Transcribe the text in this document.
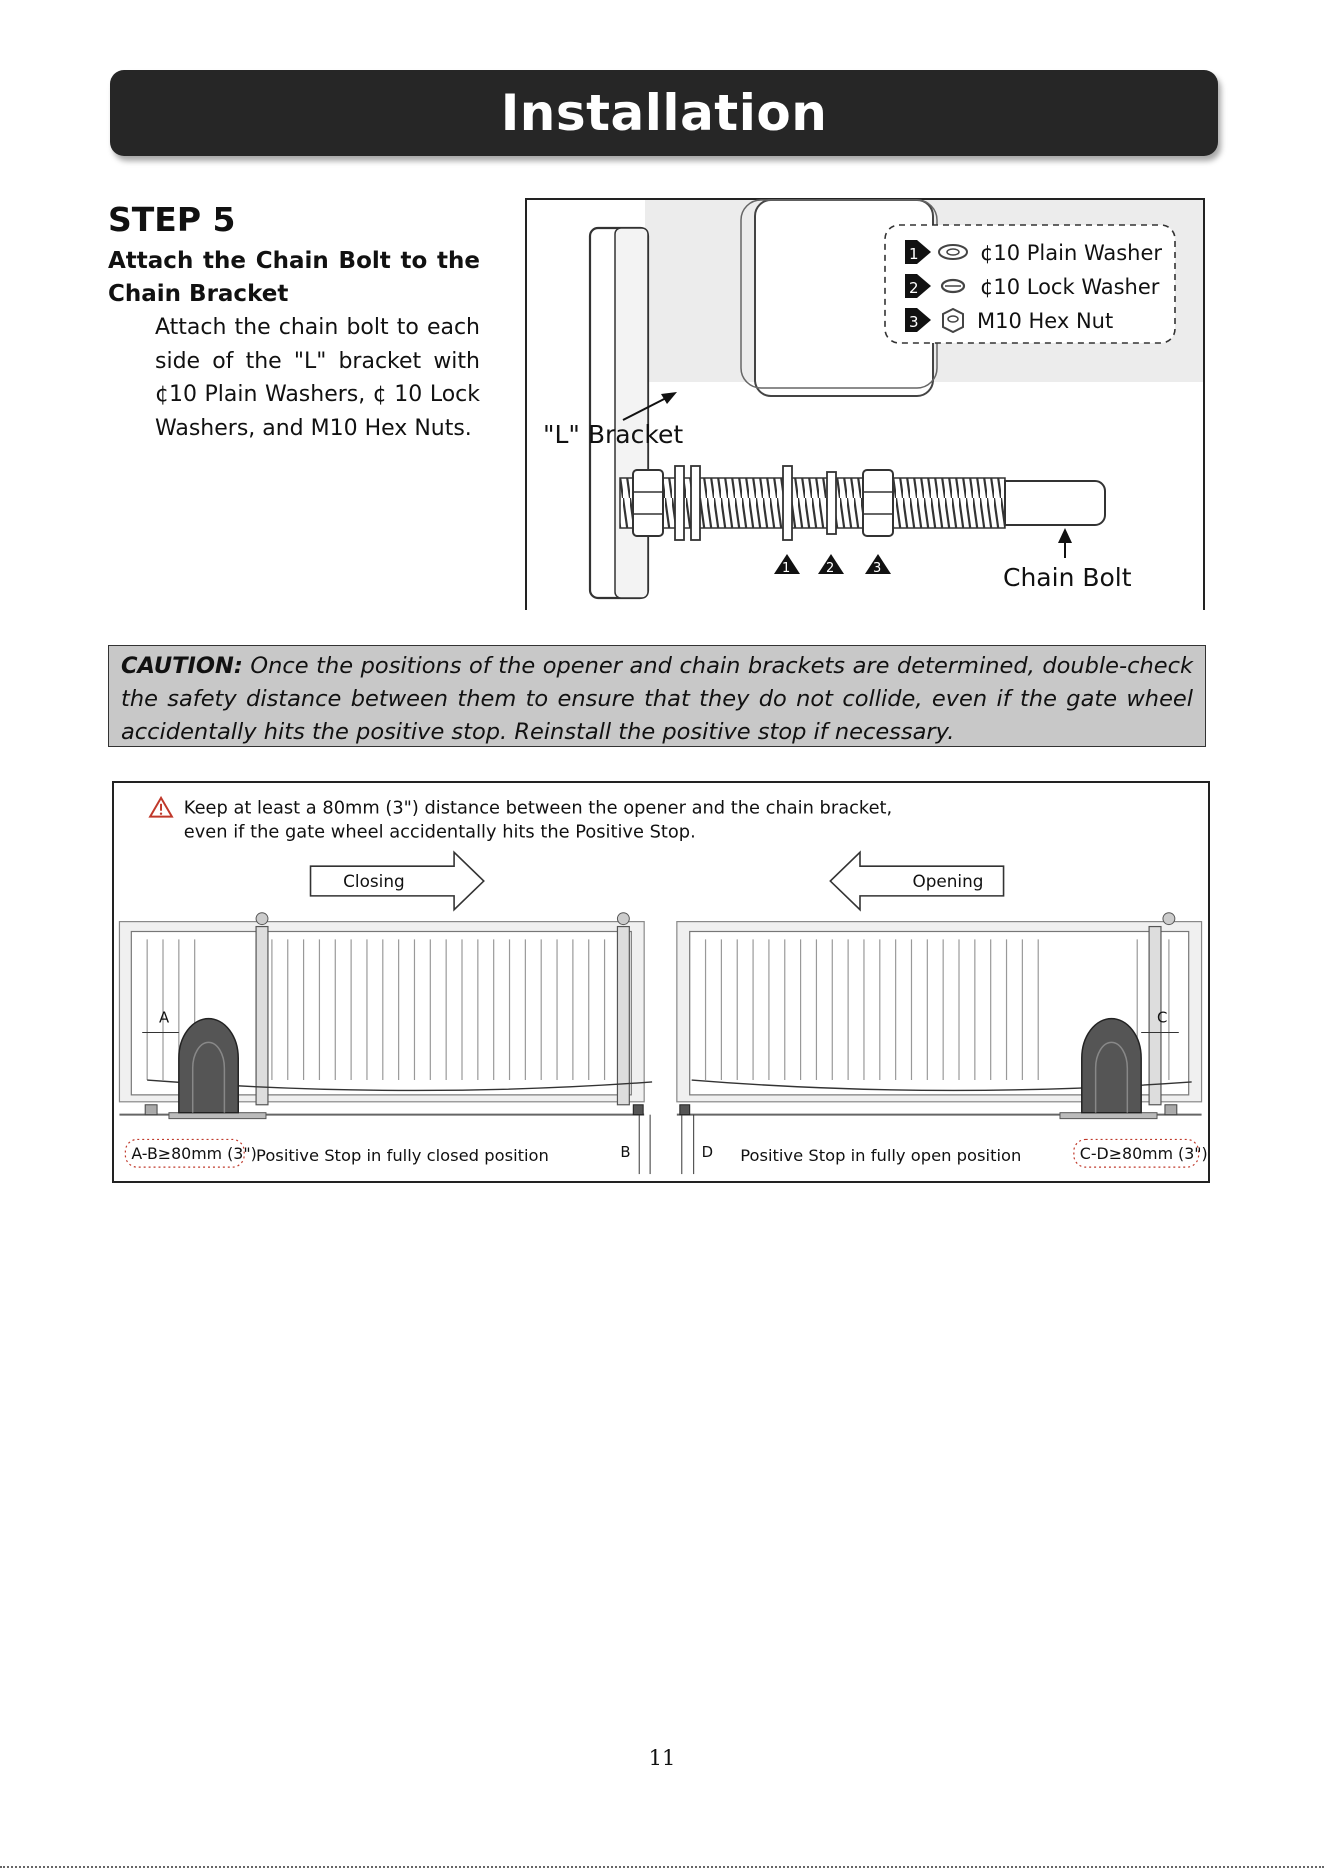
Installation

STEP 5

Attach the Chain Bolt to the

Chain Bracket

Attach the chain bolt to each side of the "L" bracket with ¢10 Plain Washers, ¢ 10 Lock Washers, and M10 Hex Nuts.

1	¢10 Plain Washer
2	¢10 Lock Washer
3	M10 Hex Nut
"L" Bracket
1	2	3	Chain Bolt
CAUTION: Once the positions of the opener and chain brackets are determined, double-check the safety distance between them to ensure that they do not collide, even if the gate wheel accidentally hits the positive stop. Reinstall the positive stop if necessary.
Keep at least a 80mm (3") distance between the opener and the chain bracket,
even if the gate wheel accidentally hits the Positive Stop.
Closing	Opening
A
B
C
D
A-B≥80mm (3") Positive Stop in fully closed position	Positive Stop in fully open position	C-D≥80mm (3")
11
